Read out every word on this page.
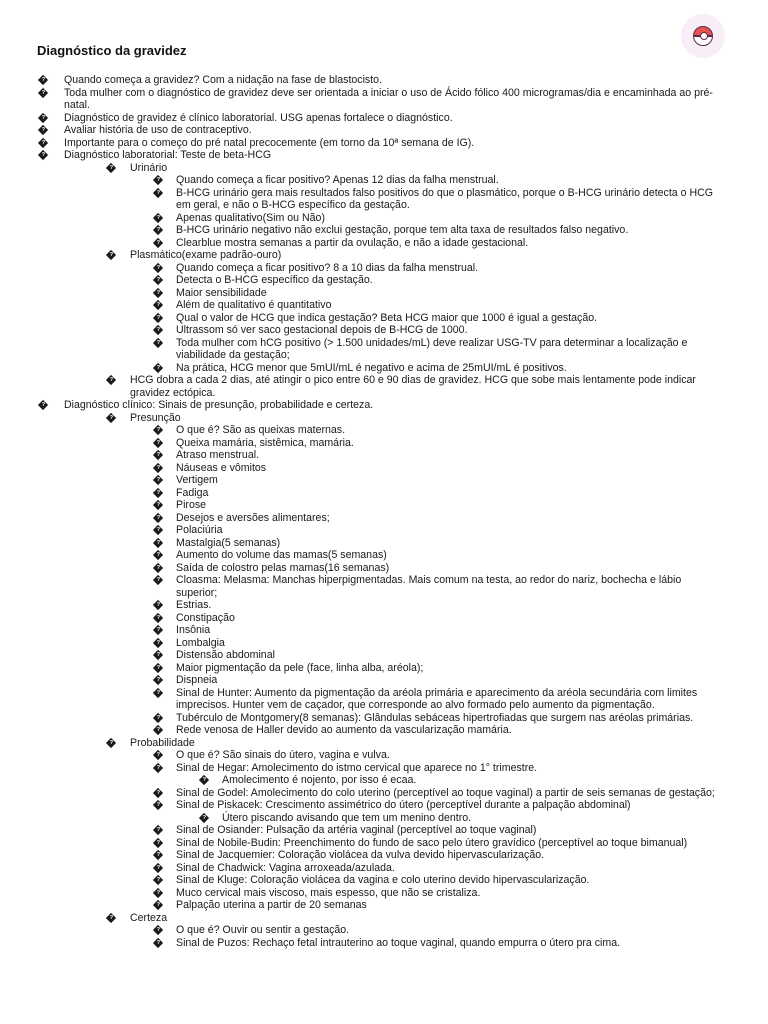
Diagnóstico da gravidez
?
Quando começa a gravidez? Com a nidação na fase de blastocisto.
?
Toda mulher com o diagnóstico de gravidez deve ser orientada a iniciar o uso de Ácido fólico 400 microgramas/dia e encaminhada ao pré-natal.
?
Diagnóstico de gravidez é clínico laboratorial. USG apenas fortalece o diagnóstico.
?
Avaliar história de uso de contraceptivo.
?
Importante para o começo do pré natal precocemente (em torno da 10ª semana de IG).
?
Diagnóstico laboratorial: Teste de beta-HCG
?
Urinário
?
Quando começa a ficar positivo? Apenas 12 dias da falha menstrual.
?
B-HCG urinário gera mais resultados falso positivos do que o plasmático, porque o B-HCG urinário detecta o HCG em geral, e não o B-HCG específico da gestação.
?
Apenas qualitativo(Sim ou Não)
?
B-HCG urinário negativo não exclui gestação, porque tem alta taxa de resultados falso negativo.
?
Clearblue mostra semanas a partir da ovulação, e não a idade gestacional.
?
Plasmático(exame padrão-ouro)
?
Quando começa a ficar positivo? 8 a 10 dias da falha menstrual.
?
Detecta o B-HCG específico da gestação.
?
Maior sensibilidade
?
Além de qualitativo é quantitativo
?
Qual o valor de HCG que indica gestação? Beta HCG maior que 1000 é igual a gestação.
?
Ultrassom só ver saco gestacional depois de B-HCG de 1000.
?
Toda mulher com hCG positivo (> 1.500 unidades/mL) deve realizar USG-TV para determinar a localização e viabilidade da gestação;
?
Na prática, HCG menor que 5mUI/mL é negativo e acima de 25mUI/mL é positivos.
?
HCG dobra a cada 2 dias, até atingir o pico entre 60 e 90 dias de gravidez. HCG que sobe mais lentamente pode indicar gravidez ectópica.
?
Diagnóstico clínico: Sinais de presunção, probabilidade e certeza.
?
Presunção
?
O que é? São as queixas maternas.
?
Queixa mamária, sistêmica, mamária.
?
Atraso menstrual.
?
Náuseas e vômitos
?
Vertigem
?
Fadiga
?
Pirose
?
Desejos e aversões alimentares;
?
Polaciúria
?
Mastalgia(5 semanas)
?
Aumento do volume das mamas(5 semanas)
?
Saída de colostro pelas mamas(16 semanas)
?
Cloasma: Melasma: Manchas hiperpigmentadas. Mais comum na testa, ao redor do nariz, bochecha e lábio superior;
?
Estrias.
?
Constipação
?
Insônia
?
Lombalgia
?
Distensão abdominal
?
Maior pigmentação da pele (face, linha alba, aréola);
?
Dispneia
?
Sinal de Hunter: Aumento da pigmentação da aréola primária e aparecimento da aréola secundária com limites imprecisos. Hunter vem de caçador, que corresponde ao alvo formado pelo aumento da pigmentação.
?
Tubérculo de Montgomery(8 semanas): Glândulas sebáceas hipertrofiadas que surgem nas aréolas primárias.
?
Rede venosa de Haller devido ao aumento da vascularização mamária.
?
Probabilidade
?
O que é? São sinais do útero, vagina e vulva.
?
Sinal de Hegar: Amolecimento do istmo cervical que aparece no 1° trimestre.
?
Amolecimento é nojento, por isso é ecaa.
?
Sinal de Godel: Amolecimento do colo uterino (perceptível ao toque vaginal) a partir de seis semanas de gestação;
?
Sinal de Piskacek: Crescimento assimétrico do útero (perceptível durante a palpação abdominal)
?
Útero piscando avisando que tem um menino dentro.
?
Sinal de Osiander: Pulsação da artéria vaginal (perceptível ao toque vaginal)
?
Sinal de Nobile-Budin: Preenchimento do fundo de saco pelo útero gravídico (perceptível ao toque bimanual)
?
Sinal de Jacquemier: Coloração violácea da vulva devido hipervascularização.
?
Sinal de Chadwick: Vagina arroxeada/azulada.
?
Sinal de Kluge: Coloração violácea da vagina e colo uterino devido hipervascularização.
?
Muco cervical mais viscoso, mais espesso, que não se cristaliza.
?
Palpação uterina a partir de 20 semanas
?
Certeza
?
O que é? Ouvir ou sentir a gestação.
?
Sinal de Puzos: Rechaço fetal intrauterino ao toque vaginal, quando empurra o útero pra cima.
